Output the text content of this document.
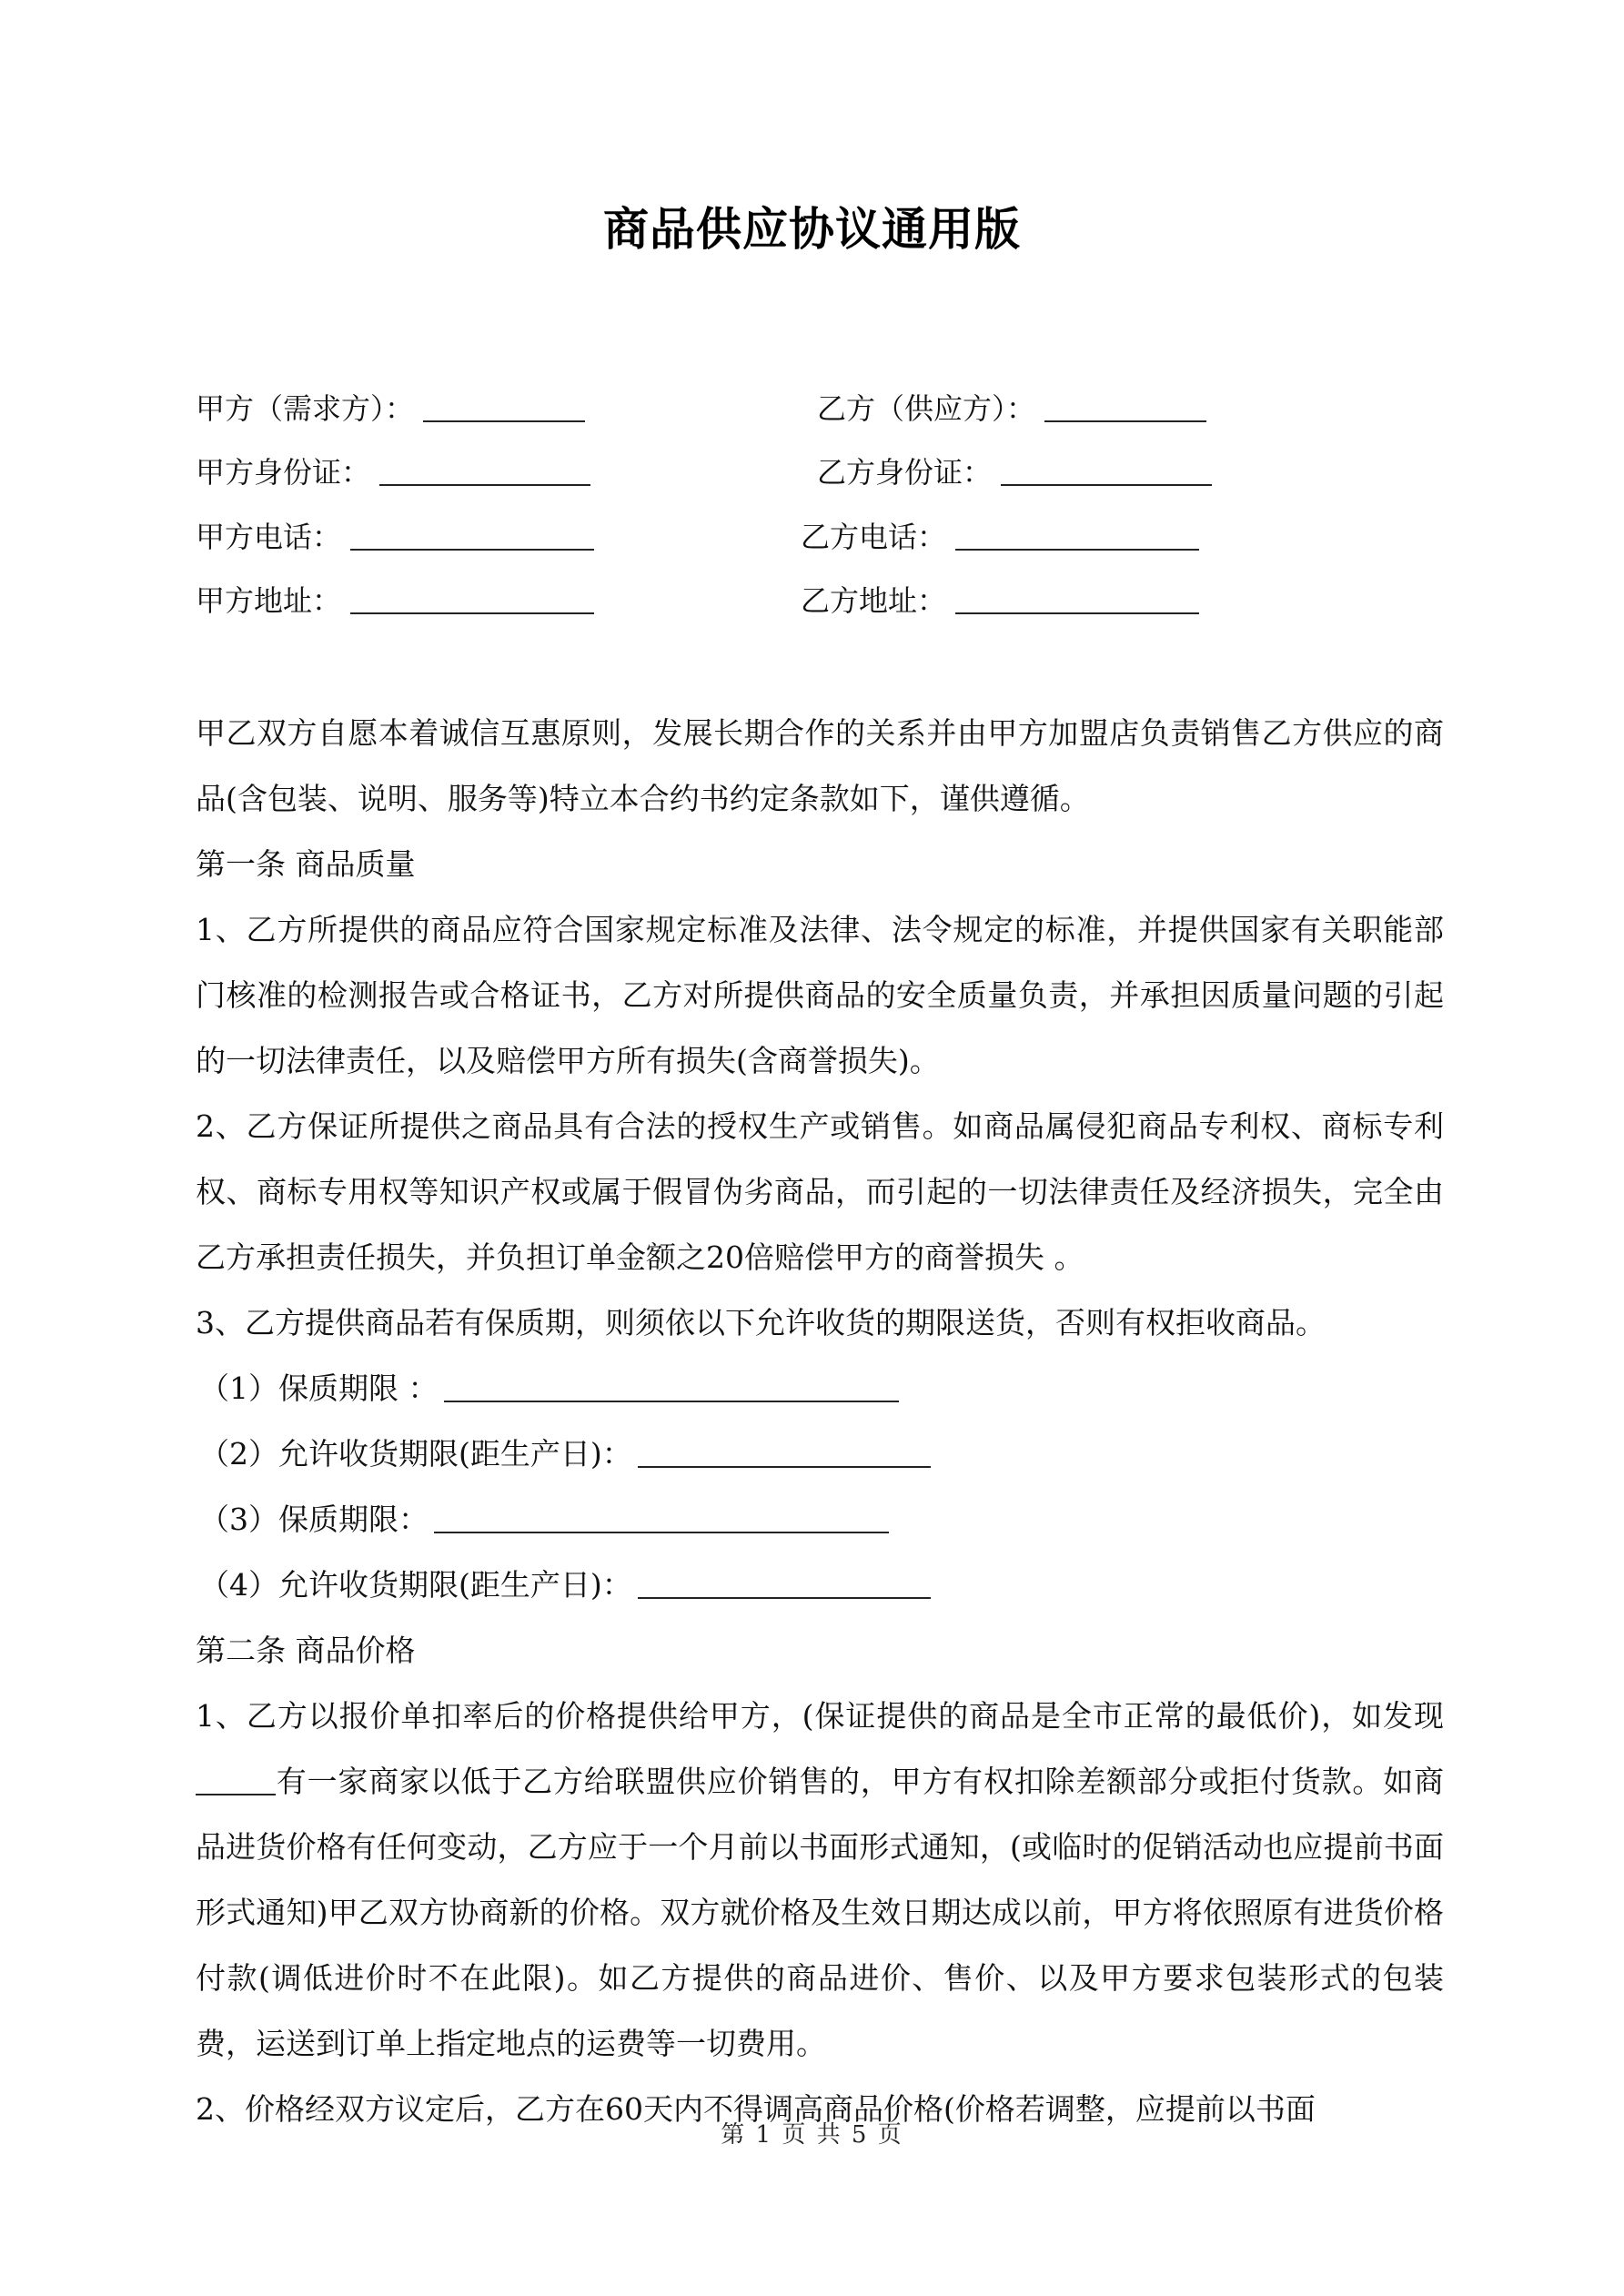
商品供应协议通用版
甲方（需求方）：
甲方身份证：
甲方电话：
甲方地址：
乙方（供应方）：
乙方身份证：
乙方电话：
乙方地址：

甲乙双方自愿本着诚信互惠原则，发展长期合作的关系并由甲方加盟店负责销售乙方供应的商品(含包装、说明、服务等)特立本合约书约定条款如下，谨供遵循。

第一条 商品质量

1、乙方所提供的商品应符合国家规定标准及法律、法令规定的标准，并提供国家有关职能部门核准的检测报告或合格证书，乙方对所提供商品的安全质量负责，并承担因质量问题的引起的一切法律责任，以及赔偿甲方所有损失(含商誉损失)。

2、乙方保证所提供之商品具有合法的授权生产或销售。如商品属侵犯商品专利权、商标专利权、商标专用权等知识产权或属于假冒伪劣商品，而引起的一切法律责任及经济损失，完全由乙方承担责任损失，并负担订单金额之20倍赔偿甲方的商誉损失 。

3、乙方提供商品若有保质期，则须依以下允许收货的期限送货，否则有权拒收商品。

（1）保质期限 ：

（2）允许收货期限(距生产日)：

（3）保质期限：

（4）允许收货期限(距生产日)：

第二条 商品价格

1、乙方以报价单扣率后的价格提供给甲方，(保证提供的商品是全市正常的最低价)，如发现有一家商家以低于乙方给联盟供应价销售的，甲方有权扣除差额部分或拒付货款。如商品进货价格有任何变动，乙方应于一个月前以书面形式通知，(或临时的促销活动也应提前书面形式通知)甲乙双方协商新的价格。双方就价格及生效日期达成以前，甲方将依照原有进货价格付款(调低进价时不在此限)。如乙方提供的商品进价、售价、以及甲方要求包装形式的包装费，运送到订单上指定地点的运费等一切费用。

2、价格经双方议定后，乙方在60天内不得调高商品价格(价格若调整，应提前以书面

第 1 页 共 5 页
